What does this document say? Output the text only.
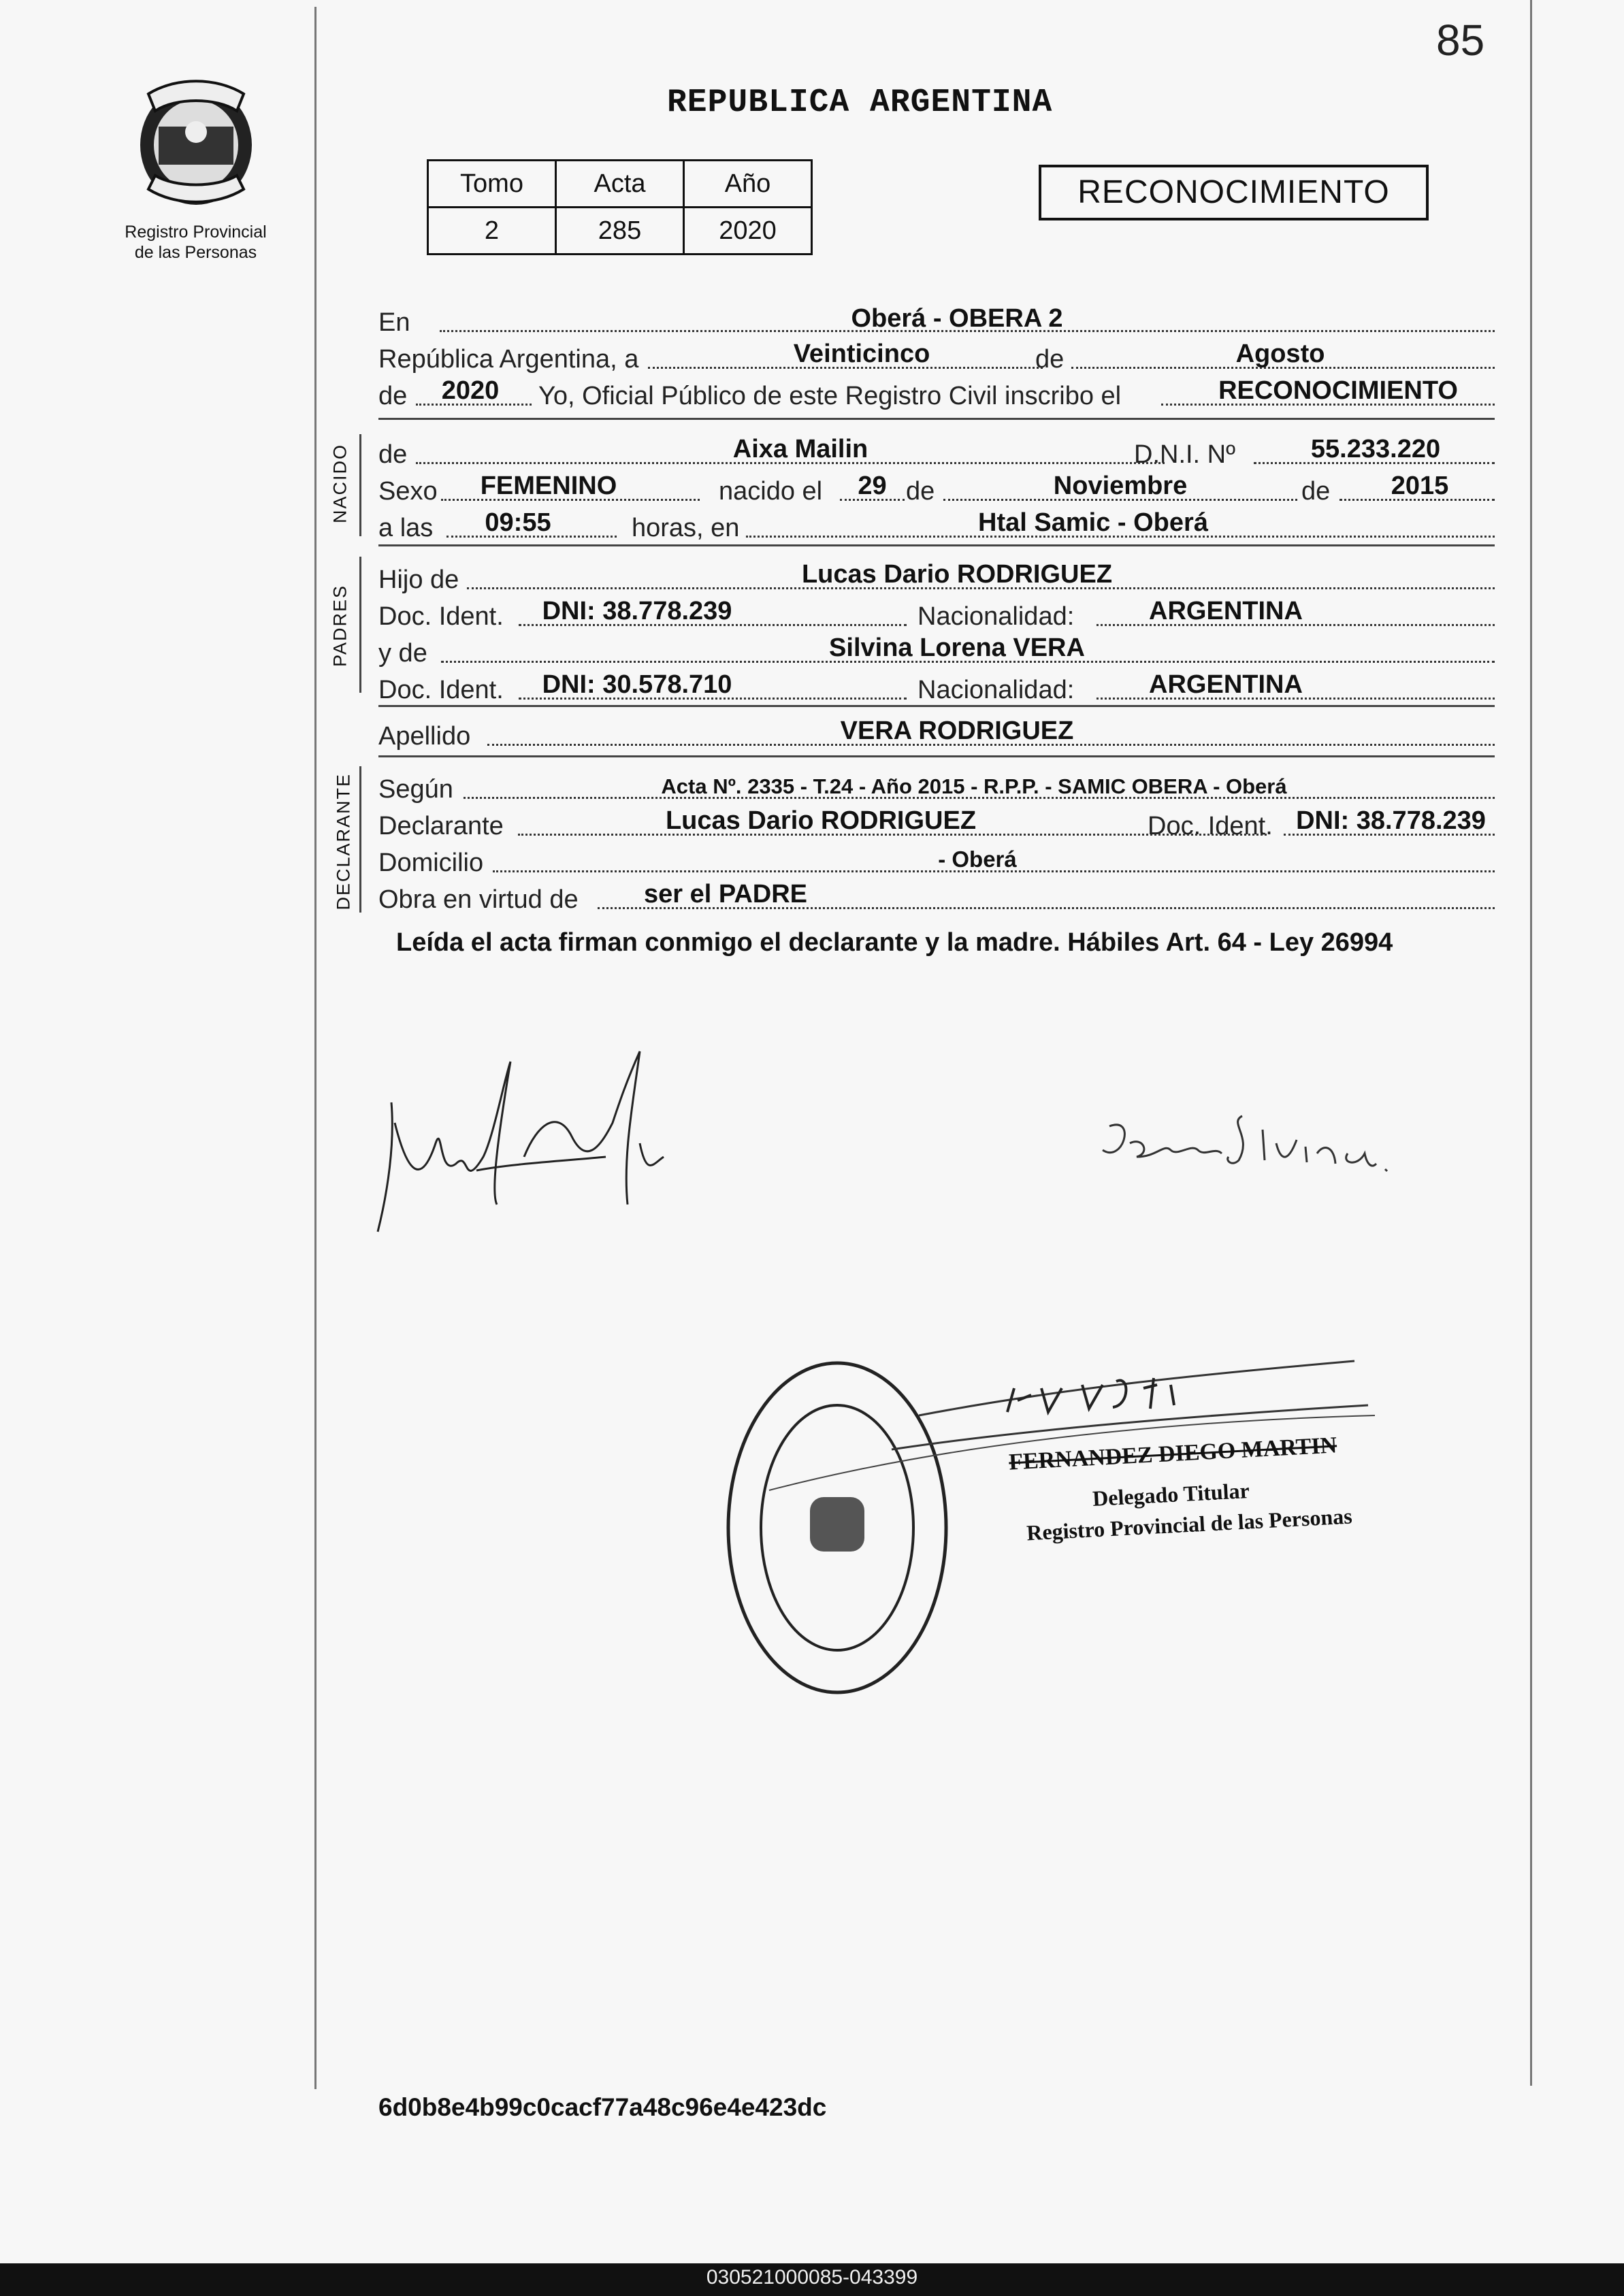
85
Registro Provincial
de las Personas
REPUBLICA ARGENTINA
Tomo	Acta	Año
2	285	2020
RECONOCIMIENTO
En	Oberá - OBERA 2
República Argentina, a	Veinticinco	de	Agosto
de	2020	Yo, Oficial Público de este Registro Civil inscribo el	RECONOCIMIENTO
NACIDO de	Aixa Mailin	D.N.I. Nº	55.233.220
Sexo	FEMENINO	nacido el	29 de	Noviembre	de	2015
a las	09:55	horas, en	Htal Samic - Oberá
PADRES
Hijo de	Lucas Dario RODRIGUEZ
Doc. Ident.	DNI: 38.778.239	Nacionalidad:	ARGENTINA
y de	Silvina Lorena VERA
Doc. Ident.	DNI: 30.578.710	Nacionalidad:	ARGENTINA
Apellido	VERA RODRIGUEZ
DECLARANTE Según	Acta Nº. 2335 - T.24 - Año 2015 - R.P.P. - SAMIC OBERA - Oberá
Declarante	Lucas Dario RODRIGUEZ	Doc. Ident. DNI: 38.778.239
Domicilio	- Oberá
Obra en virtud de	ser el PADRE
Leída el acta firman conmigo el declarante y la madre. Hábiles Art. 64 - Ley 26994
FERNANDEZ DIEGO MARTIN
Delegado Titular
Registro Provincial de las Personas
6d0b8e4b99c0cacf77a48c96e4e423dc
030521000085-043399
